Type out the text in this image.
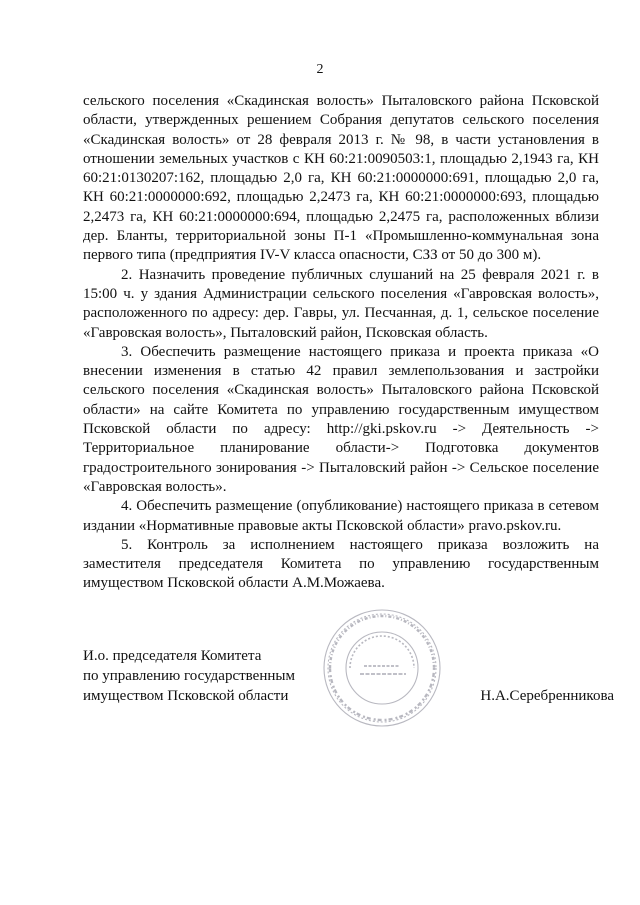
2

сельского поселения «Скадинская волость» Пыталовского района Псковской области, утвержденных решением Собрания депутатов сельского поселения «Скадинская волость» от 28 февраля 2013 г. № 98, в части установления в отношении земельных участков с КН 60:21:0090503:1, площадью 2,1943 га, КН 60:21:0130207:162, площадью 2,0 га, КН 60:21:0000000:691, площадью 2,0 га, КН 60:21:0000000:692, площадью 2,2473 га, КН 60:21:0000000:693, площадью 2,2473 га, КН 60:21:0000000:694, площадью 2,2475 га, расположенных вблизи дер. Бланты, территориальной зоны П-1 «Промышленно-коммунальная зона первого типа (предприятия IV-V класса опасности, СЗЗ от 50 до 300 м).

2. Назначить проведение публичных слушаний на 25 февраля 2021 г. в 15:00 ч. у здания Администрации сельского поселения «Гавровская волость», расположенного по адресу: дер. Гавры, ул. Песчанная, д. 1, сельское поселение «Гавровская волость», Пыталовский район, Псковская область.

3. Обеспечить размещение настоящего приказа и проекта приказа «О внесении изменения в статью 42 правил землепользования и застройки сельского поселения «Скадинская волость» Пыталовского района Псковской области» на сайте Комитета по управлению государственным имуществом Псковской области по адресу: http://gki.pskov.ru -> Деятельность -> Территориальное планирование области-> Подготовка документов градостроительного зонирования -> Пыталовский район -> Сельское поселение «Гавровская волость».

4. Обеспечить размещение (опубликование) настоящего приказа в сетевом издании «Нормативные правовые акты Псковской области» pravo.pskov.ru.

5. Контроль за исполнением настоящего приказа возложить на заместителя председателя Комитета по управлению государственным имуществом Псковской области А.М.Можаева.

И.о. председателя Комитета
по управлению государственным
имуществом Псковской области	Н.А.Серебренникова
